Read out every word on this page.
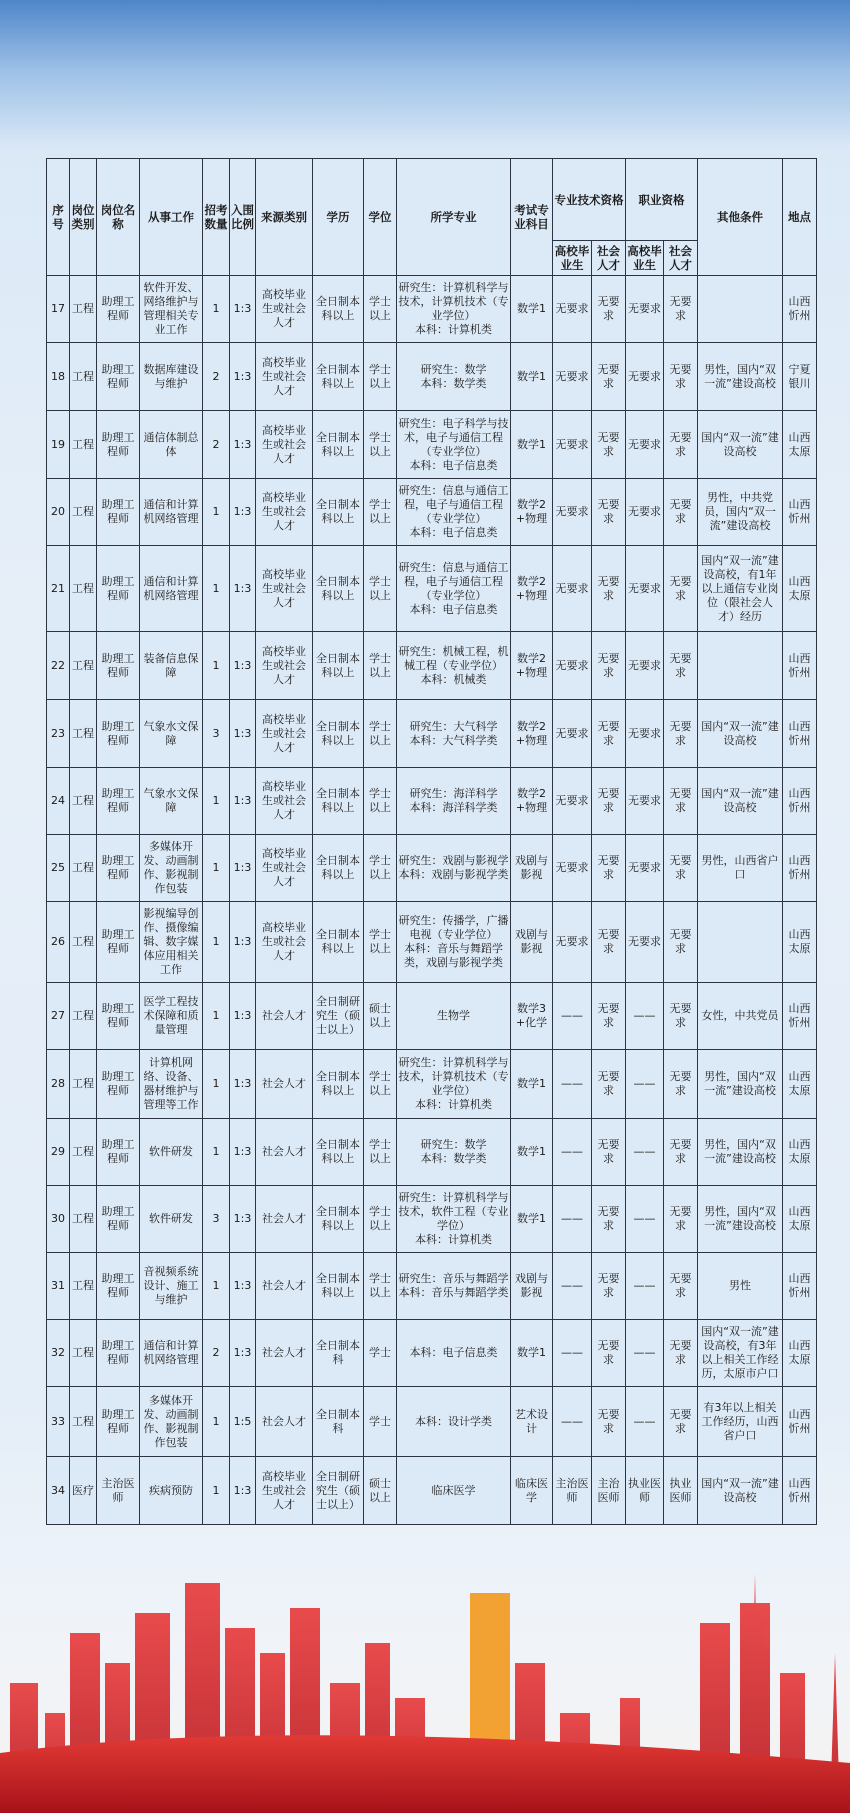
序号	岗位类别	岗位名称	从事工作	招考数量	入围比例	来源类别	学历	学位	所学专业	考试专业科目	专业技术资格		职业资格		其他条件	地点
											高校毕业生	社会人才	高校毕业生	社会人才		
17	工程	助理工程师	软件开发、网络维护与管理相关专业工作	1	1:3	高校毕业生或社会人才	全日制本科以上	学士以上	研究生：计算机科学与技术，计算机技术（专业学位）
本科：计算机类	数学1	无要求	无要求	无要求	无要求		山西忻州
18	工程	助理工程师	数据库建设与维护	2	1:3	高校毕业生或社会人才	全日制本科以上	学士以上	研究生：数学
本科：数学类	数学1	无要求	无要求	无要求	无要求	男性，国内“双一流”建设高校	宁夏银川
19	工程	助理工程师	通信体制总体	2	1:3	高校毕业生或社会人才	全日制本科以上	学士以上	研究生：电子科学与技术，电子与通信工程（专业学位）
本科：电子信息类	数学1	无要求	无要求	无要求	无要求	国内“双一流”建设高校	山西太原
20	工程	助理工程师	通信和计算机网络管理	1	1:3	高校毕业生或社会人才	全日制本科以上	学士以上	研究生：信息与通信工程，电子与通信工程（专业学位）
本科：电子信息类	数学2+物理	无要求	无要求	无要求	无要求	男性，中共党员，国内“双一流”建设高校	山西忻州
21	工程	助理工程师	通信和计算机网络管理	1	1:3	高校毕业生或社会人才	全日制本科以上	学士以上	研究生：信息与通信工程，电子与通信工程（专业学位）
本科：电子信息类	数学2+物理	无要求	无要求	无要求	无要求	国内“双一流”建设高校，有1年以上通信专业岗位（限社会人才）经历	山西太原
22	工程	助理工程师	装备信息保障	1	1:3	高校毕业生或社会人才	全日制本科以上	学士以上	研究生：机械工程，机械工程（专业学位）
本科：机械类	数学2+物理	无要求	无要求	无要求	无要求		山西忻州
23	工程	助理工程师	气象水文保障	3	1:3	高校毕业生或社会人才	全日制本科以上	学士以上	研究生：大气科学
本科：大气科学类	数学2+物理	无要求	无要求	无要求	无要求	国内“双一流”建设高校	山西忻州
24	工程	助理工程师	气象水文保障	1	1:3	高校毕业生或社会人才	全日制本科以上	学士以上	研究生：海洋科学
本科：海洋科学类	数学2+物理	无要求	无要求	无要求	无要求	国内“双一流”建设高校	山西忻州
25	工程	助理工程师	多媒体开发、动画制作、影视制作包装	1	1:3	高校毕业生或社会人才	全日制本科以上	学士以上	研究生：戏剧与影视学
本科：戏剧与影视学类	戏剧与影视	无要求	无要求	无要求	无要求	男性，山西省户口	山西忻州
26	工程	助理工程师	影视编导创作、摄像编辑、数字媒体应用相关工作	1	1:3	高校毕业生或社会人才	全日制本科以上	学士以上	研究生：传播学，广播电视（专业学位）
本科：音乐与舞蹈学类，戏剧与影视学类	戏剧与影视	无要求	无要求	无要求	无要求		山西太原
27	工程	助理工程师	医学工程技术保障和质量管理	1	1:3	社会人才	全日制研究生（硕士以上）	硕士以上	生物学	数学3+化学	——	无要求	——	无要求	女性，中共党员	山西忻州
28	工程	助理工程师	计算机网络、设备、器材维护与管理等工作	1	1:3	社会人才	全日制本科以上	学士以上	研究生：计算机科学与技术，计算机技术（专业学位）
本科：计算机类	数学1	——	无要求	——	无要求	男性，国内“双一流”建设高校	山西太原
29	工程	助理工程师	软件研发	1	1:3	社会人才	全日制本科以上	学士以上	研究生：数学
本科：数学类	数学1	——	无要求	——	无要求	男性，国内“双一流”建设高校	山西太原
30	工程	助理工程师	软件研发	3	1:3	社会人才	全日制本科以上	学士以上	研究生：计算机科学与技术，软件工程（专业学位）
本科：计算机类	数学1	——	无要求	——	无要求	男性，国内“双一流”建设高校	山西太原
31	工程	助理工程师	音视频系统设计、施工与维护	1	1:3	社会人才	全日制本科以上	学士以上	研究生：音乐与舞蹈学
本科：音乐与舞蹈学类	戏剧与影视	——	无要求	——	无要求	男性	山西忻州
32	工程	助理工程师	通信和计算机网络管理	2	1:3	社会人才	全日制本科	学士	本科：电子信息类	数学1	——	无要求	——	无要求	国内“双一流”建设高校，有3年以上相关工作经历，太原市户口	山西太原
33	工程	助理工程师	多媒体开发、动画制作、影视制作包装	1	1:5	社会人才	全日制本科	学士	本科：设计学类	艺术设计	——	无要求	——	无要求	有3年以上相关工作经历，山西省户口	山西忻州
34	医疗	主治医师	疾病预防	1	1:3	高校毕业生或社会人才	全日制研究生（硕士以上）	硕士以上	临床医学	临床医学	主治医师	主治医师	执业医师	执业医师	国内“双一流”建设高校	山西忻州
